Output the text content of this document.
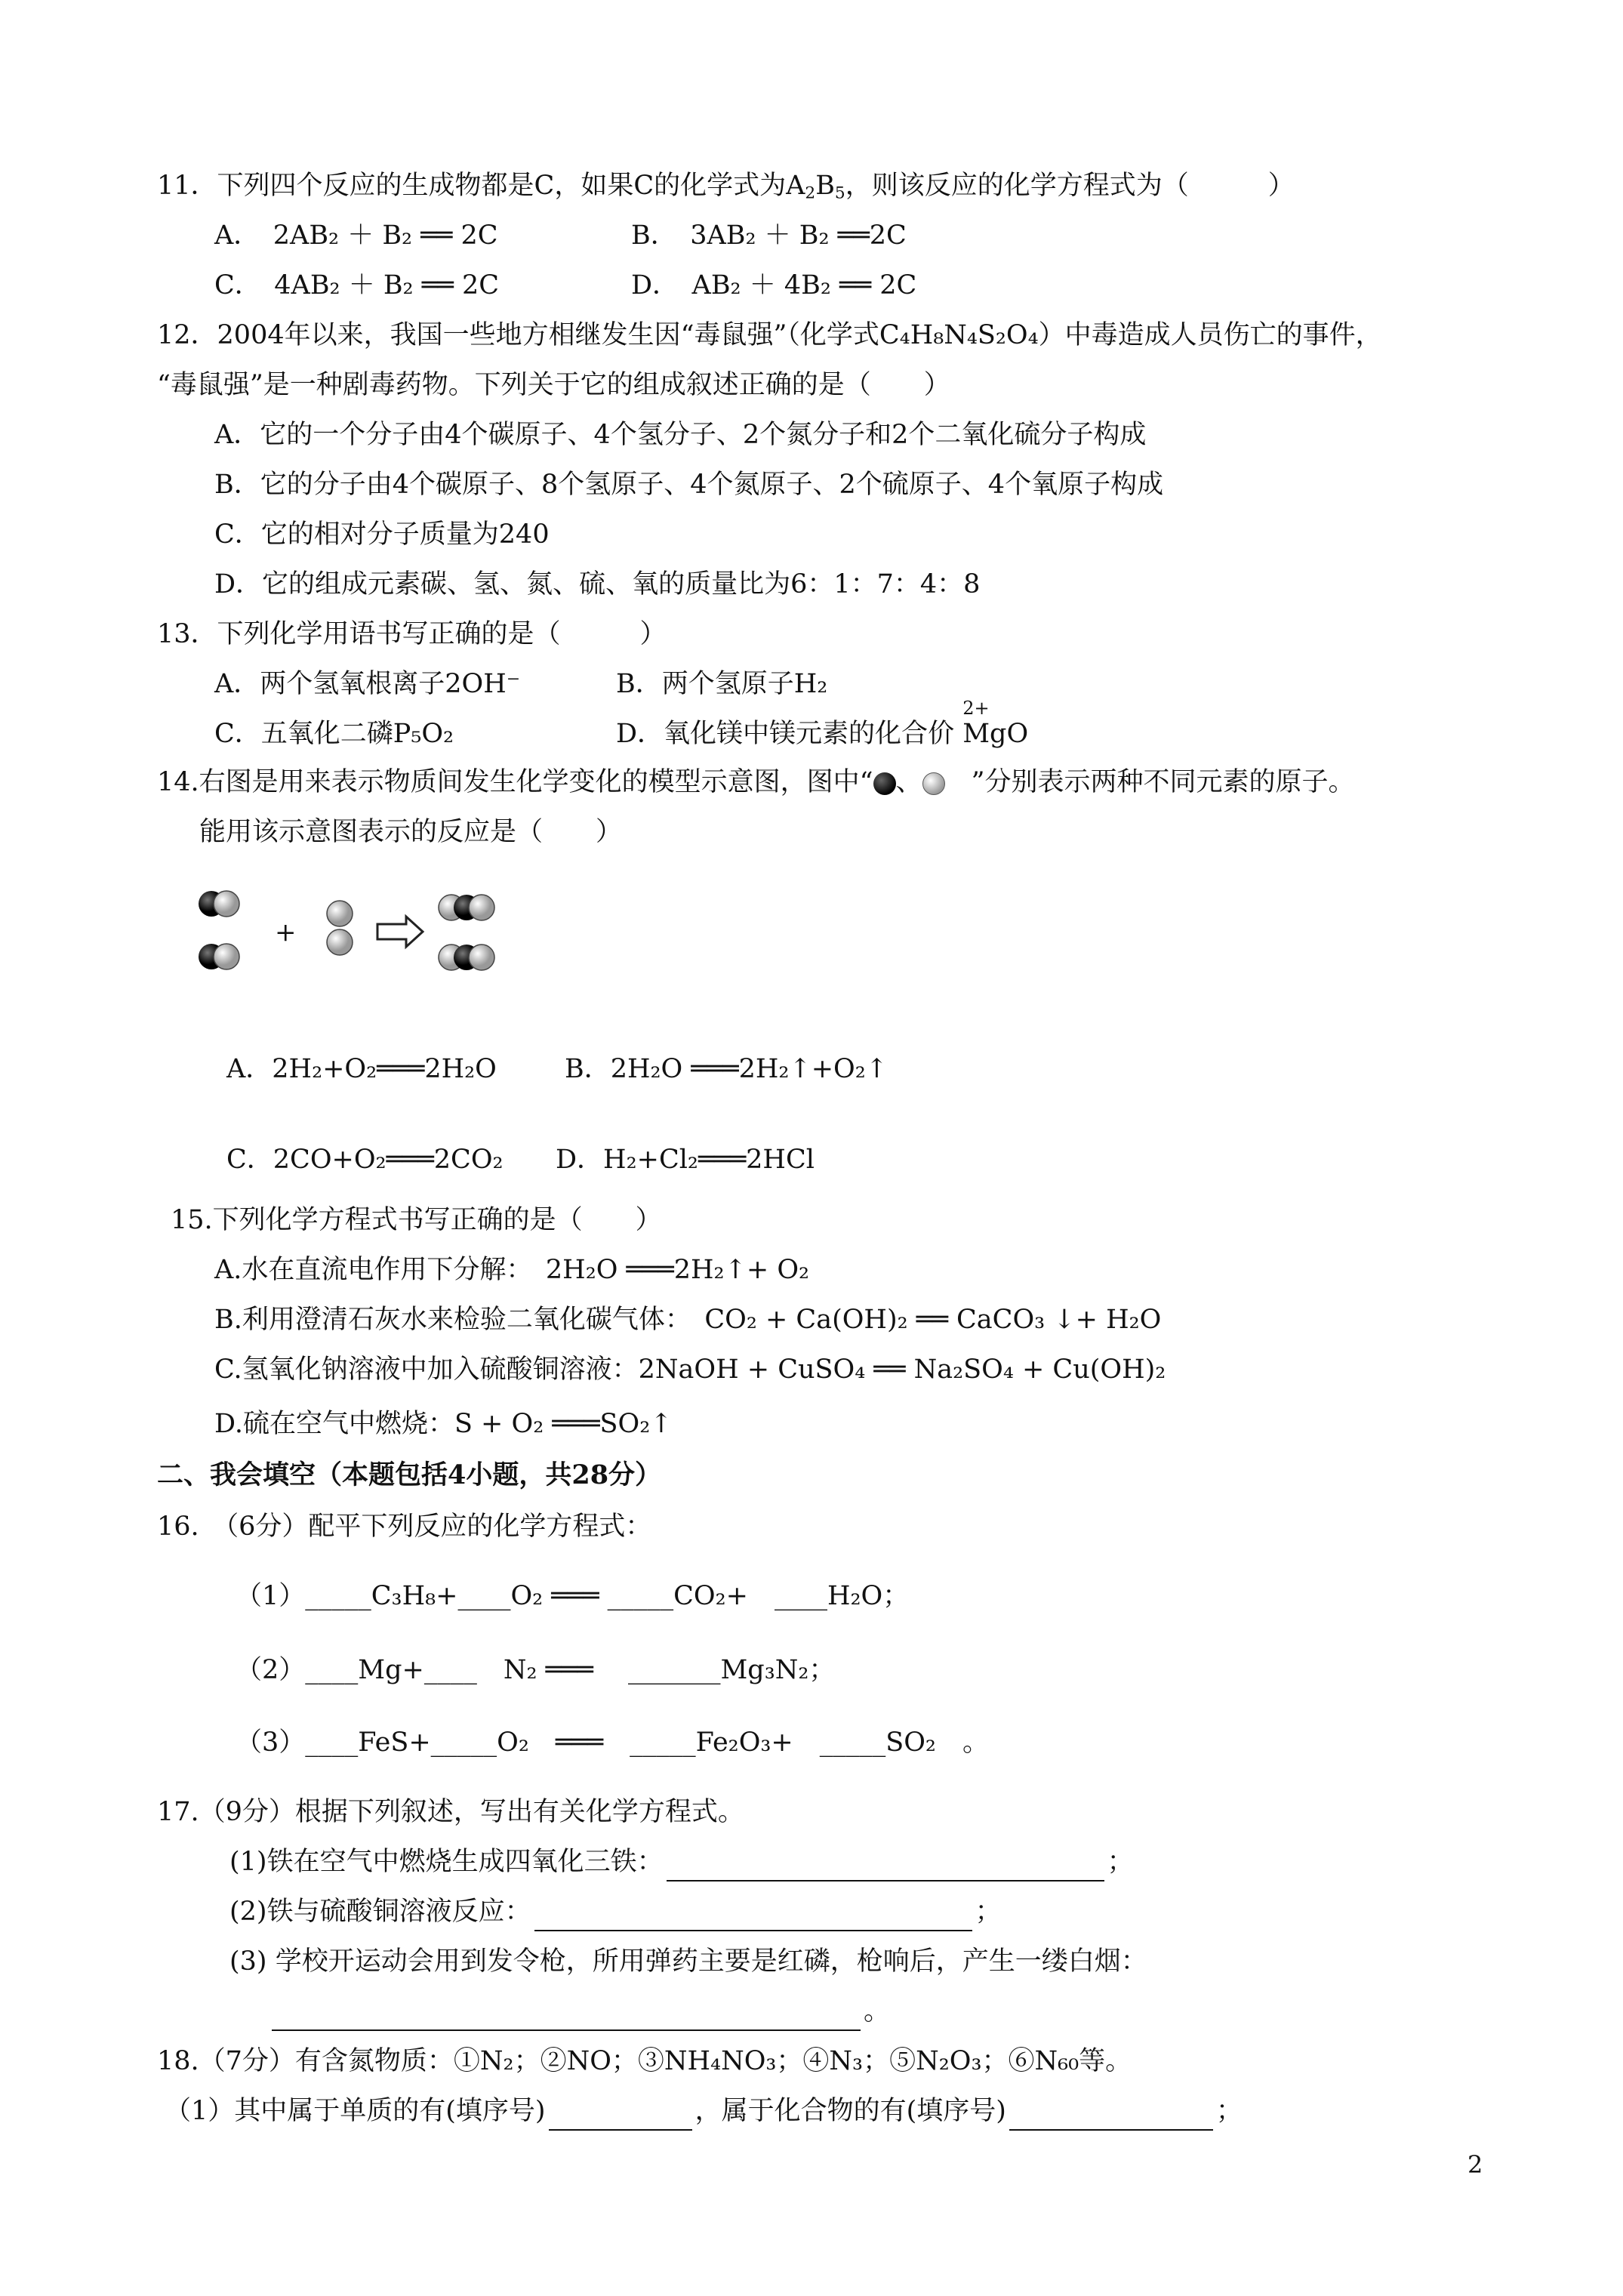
11．下列四个反应的生成物都是C，如果C的化学式为$A_2B_5$，则该反应的化学方程式为（　　　）
A．　2AB₂ ＋ B₂ ══ 2C	B．　3AB₂ ＋ B₂ ══2C
C．　4AB₂ ＋ B₂ ══ 2C	D．　AB₂ ＋ 4B₂ ══ 2C
12．2004年以来，我国一些地方相继发生因“毒鼠强”（化学式C₄H₈N₄S₂O₄）中毒造成人员伤亡的事件，
“毒鼠强”是一种剧毒药物。下列关于它的组成叙述正确的是（　　）
A．它的一个分子由4个碳原子、4个氢分子、2个氮分子和2个二氧化硫分子构成
B．它的分子由4个碳原子、8个氢原子、4个氮原子、2个硫原子、4个氧原子构成
C．它的相对分子质量为240
D．它的组成元素碳、氢、氮、硫、氧的质量比为6：1：7：4：8
13．下列化学用语书写正确的是（　　　）
A．两个氢氧根离子2OH⁻	B．两个氢原子H₂
C．五氧化二磷P₅O₂	D．氧化镁中镁元素的化合价
2+
MgO
14.右图是用来表示物质间发生化学变化的模型示意图，图中“ 、　”分别表示两种不同元素的原子。
能用该示意图表示的反应是（　　）
+
A．2H₂+O₂═══2H₂O	B．2H₂O ═══2H₂↑+O₂↑
C．2CO+O₂═══2CO₂ D．H₂+Cl₂═══2HCl
15.下列化学方程式书写正确的是（　　）
A.水在直流电作用下分解：　2H₂O ═══2H₂↑+ O₂
B.利用澄清石灰水来检验二氧化碳气体：　CO₂ + Ca(OH)₂ ══ CaCO₃ ↓+ H₂O
C.氢氧化钠溶液中加入硫酸铜溶液：2NaOH + CuSO₄ ══ Na₂SO₄ + Cu(OH)₂
D.硫在空气中燃烧：S + O₂ ═══SO₂↑
二、我会填空（本题包括4小题，共28分）
16.　（6分）配平下列反应的化学方程式：
（1）_____C₃H₈+____O₂ ═══ _____CO₂+　____H₂O；
（2）____Mg+____　N₂ ═══　 _______Mg₃N₂；
（3）____FeS+_____O₂　═══　_____Fe₂O₃+　_____SO₂　。
17.（9分）根据下列叙述，写出有关化学方程式。
(1)铁在空气中燃烧生成四氧化三铁：	；
(2)铁与硫酸铜溶液反应：	；
(3) 学校开运动会用到发令枪，所用弹药主要是红磷，枪响后，产生一缕白烟：
。
18.（7分）有含氮物质：①N₂；②NO；③NH₄NO₃；④N₃；⑤N₂O₃；⑥N₆₀等。
（1）其中属于单质的有(填序号)	，属于化合物的有(填序号)	；
2
